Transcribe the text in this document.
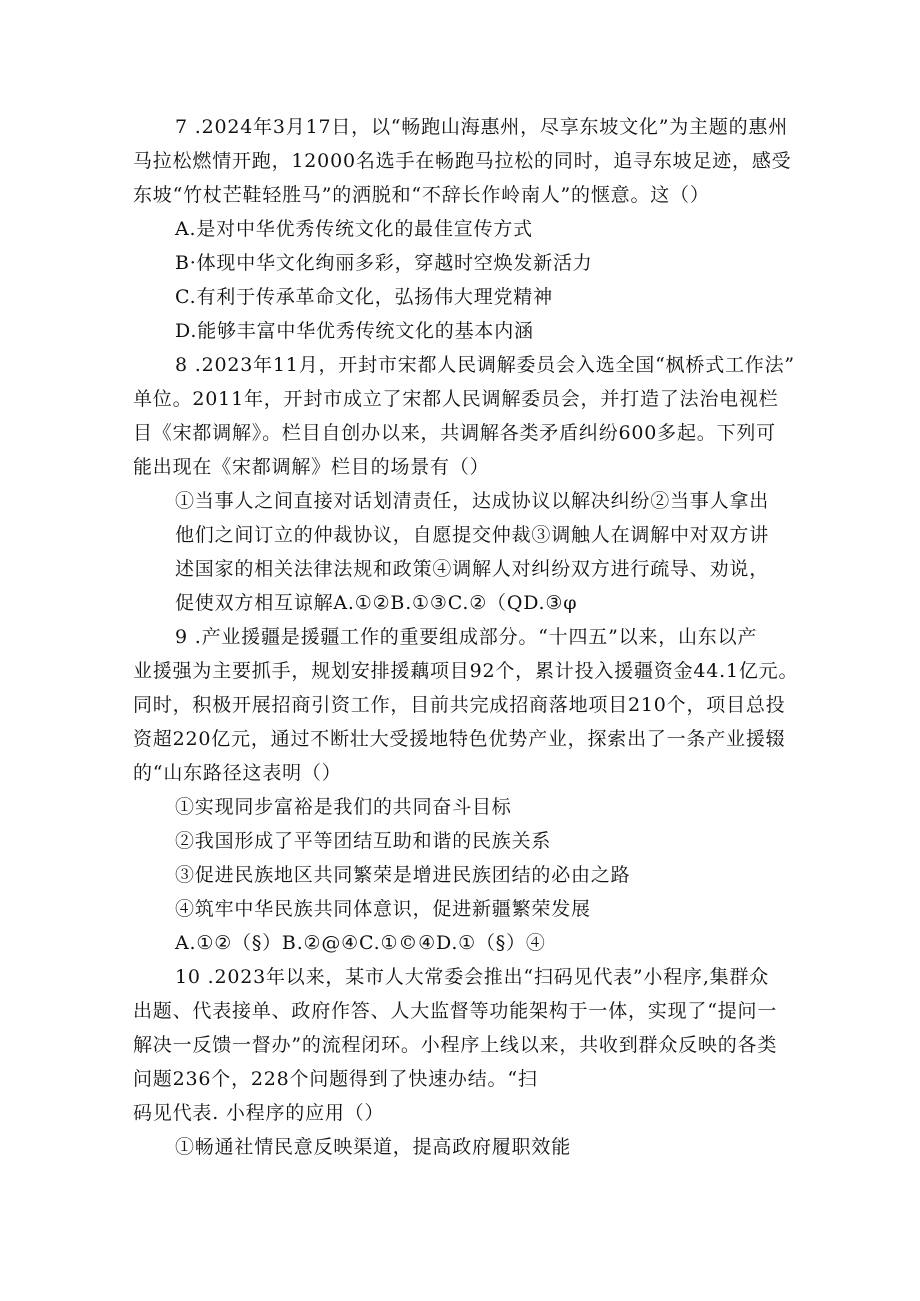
7 .2024年3月17日，以“畅跑山海惠州，尽享东坡文化”为主题的惠州
马拉松燃情开跑，12000名选手在畅跑马拉松的同时，追寻东坡足迹，感受
东坡“竹杖芒鞋轻胜马”的洒脱和“不辞长作岭南人”的惬意。这（）
A.是对中华优秀传统文化的最佳宣传方式
B·体现中华文化绚丽多彩，穿越时空焕发新活力
C.有利于传承革命文化，弘扬伟大理党精神
D.能够丰富中华优秀传统文化的基本内涵
8 .2023年11月，开封市宋都人民调解委员会入选全国“枫桥式工作法”
单位。2011年，开封市成立了宋都人民调解委员会，并打造了法治电视栏
目《宋都调解》。栏目自创办以来，共调解各类矛盾纠纷600多起。下列可
能出现在《宋都调解》栏目的场景有（）
①当事人之间直接对话划清责任，达成协议以解决纠纷②当事人拿出
他们之间订立的仲裁协议，自愿提交仲裁③调触人在调解中对双方讲
述国家的相关法律法规和政策④调解人对纠纷双方进行疏导、劝说，
促使双方相互谅解A.①②B.①③C.②（QD.③φ
9 .产业援疆是援疆工作的重要组成部分。“十四五”以来，山东以产
业援强为主要抓手，规划安排援藕项目92个，累计投入援疆资金44.1亿元。
同时，积极开展招商引资工作，目前共完成招商落地项目210个，项目总投
资超220亿元，通过不断壮大受援地特色优势产业，探索出了一条产业援辍
的“山东路径这表明（）
①实现同步富裕是我们的共同奋斗目标
②我国形成了平等团结互助和谐的民族关系
③促进民族地区共同繁荣是增进民族团结的必由之路
④筑牢中华民族共同体意识，促进新疆繁荣发展
A.①②（§）B.②@④C.①©④D.①（§）④
10 .2023年以来，某市人大常委会推出“扫码见代表”小程序,集群众
出题、代表接单、政府作答、人大监督等功能架构于一体，实现了“提问一
解决一反馈一督办”的流程闭环。小程序上线以来，共收到群众反映的各类
问题236个，228个问题得到了快速办结。“扫
码见代表. 小程序的应用（）
①畅通社情民意反映渠道，提高政府履职效能
